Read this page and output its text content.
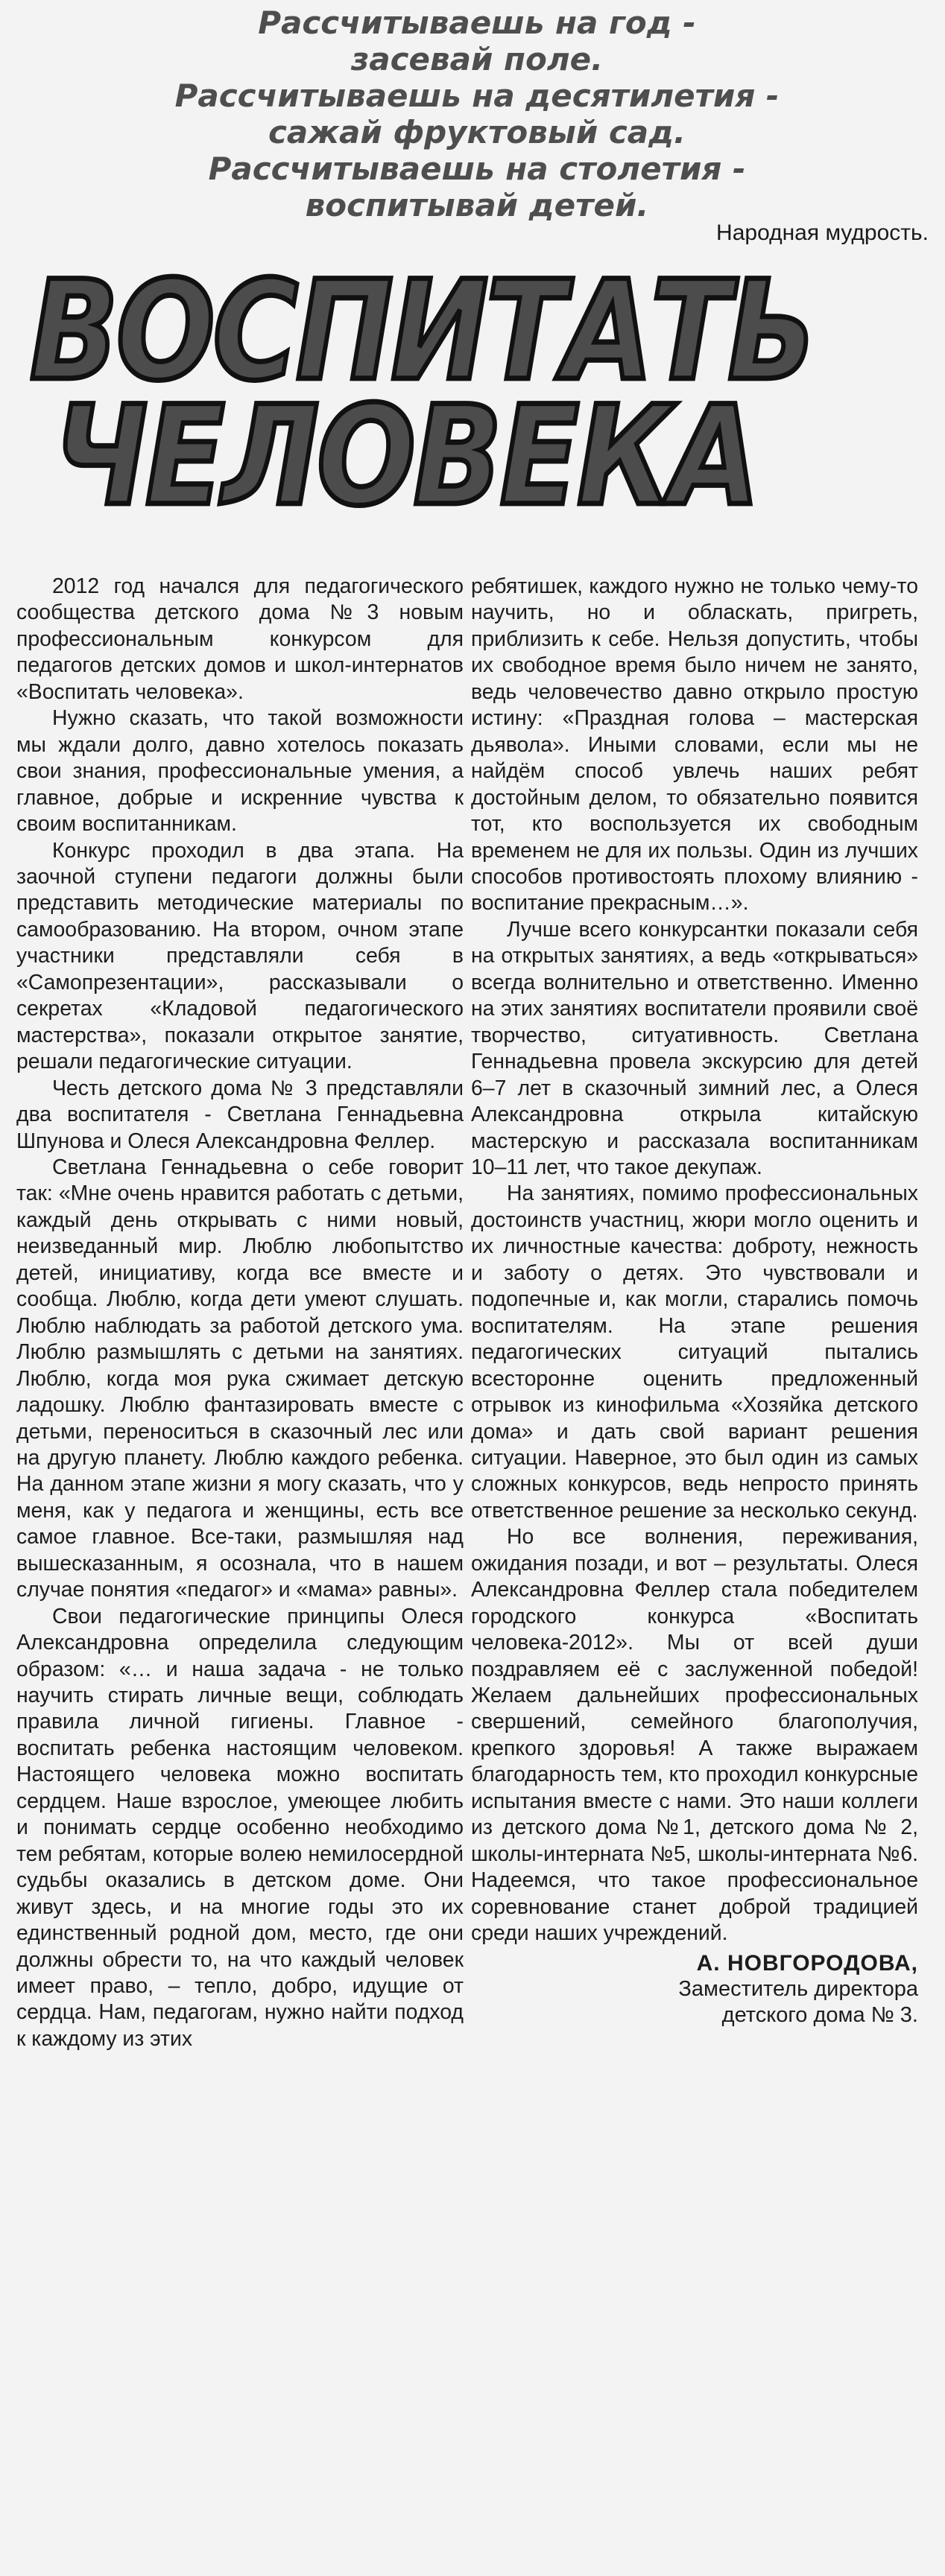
Рассчитываешь на год -
засевай поле.
Рассчитываешь на десятилетия -
сажай фруктовый сад.
Рассчитываешь на столетия -
воспитывай детей.
Народная мудрость.
ВОСПИТАТЬ
ЧЕЛОВЕКА

2012 год начался для педагогического сообщества детского дома №3 новым профессиональным конкурсом для педагогов детских домов и школ-интернатов «Воспитать человека».

Нужно сказать, что такой возможности мы ждали долго, давно хотелось показать свои знания, профессиональные умения, а главное, добрые и искренние чувства к своим воспитанникам.

Конкурс проходил в два этапа. На заочной ступени педагоги должны были представить методические материалы по самообразованию. На втором, очном этапе участники представляли себя в «Самопрезентации», рассказывали о секретах «Кладовой педагогического мастерства», показали открытое занятие, решали педагогические ситуации.

Честь детского дома № 3 представляли два воспитателя - Светлана Геннадьевна Шпунова и Олеся Александровна Феллер.

Светлана Геннадьевна о себе говорит так: «Мне очень нравится работать с детьми, каждый день открывать с ними новый, неизведанный мир. Люблю любопытство детей, инициативу, когда все вместе и сообща. Люблю, когда дети умеют слушать. Люблю наблюдать за работой детского ума. Люблю размышлять с детьми на занятиях. Люблю, когда моя рука сжимает детскую ладошку. Люблю фантазировать вместе с детьми, переноситься в сказочный лес или на другую планету. Люблю каждого ребенка. На данном этапе жизни я могу сказать, что у меня, как у педагога и женщины, есть все самое главное. Все-таки, размышляя над вышесказанным, я осознала, что в нашем случае понятия «педагог» и «мама» равны».

Свои педагогические принципы Олеся Александровна определила следующим образом: «… и наша задача - не только научить стирать личные вещи, соблюдать правила личной гигиены. Главное - воспитать ребенка настоящим человеком. Настоящего человека можно воспитать сердцем. Наше взрослое, умеющее любить и понимать сердце особенно необходимо тем ребятам, которые волею немилосердной судьбы оказались в детском доме. Они живут здесь, и на многие годы это их единственный родной дом, место, где они должны обрести то, на что каждый человек имеет право, – тепло, добро, идущие от сердца. Нам, педагогам, нужно найти подход к каждому из этих

ребятишек, каждого нужно не только чему-то научить, но и обласкать, пригреть, приблизить к себе. Нельзя допустить, чтобы их свободное время было ничем не занято, ведь человечество давно открыло простую истину: «Праздная голова – мастерская дьявола». Иными словами, если мы не найдём способ увлечь наших ребят достойным делом, то обязательно появится тот, кто воспользуется их свободным временем не для их пользы. Один из лучших способов противостоять плохому влиянию - воспитание прекрасным…».

Лучше всего конкурсантки показали себя на открытых занятиях, а ведь «открываться» всегда волнительно и ответственно. Именно на этих занятиях воспитатели проявили своё творчество, ситуативность. Светлана Геннадьевна провела экскурсию для детей 6–7 лет в сказочный зимний лес, а Олеся Александровна открыла китайскую мастерскую и рассказала воспитанникам 10–11 лет, что такое декупаж.

На занятиях, помимо профессиональных достоинств участниц, жюри могло оценить и их личностные качества: доброту, нежность и заботу о детях. Это чувствовали и подопечные и, как могли, старались помочь воспитателям. На этапе решения педагогических ситуаций пытались всесторонне оценить предложенный отрывок из кинофильма «Хозяйка детского дома» и дать свой вариант решения ситуации. Наверное, это был один из самых сложных конкурсов, ведь непросто принять ответственное решение за несколько секунд.

Но все волнения, переживания, ожидания позади, и вот – результаты. Олеся Александровна Феллер стала победителем городского конкурса «Воспитать человека-2012». Мы от всей души поздравляем её с заслуженной победой! Желаем дальнейших профессиональных свершений, семейного благополучия, крепкого здоровья! А также выражаем благодарность тем, кто проходил конкурсные испытания вместе с нами. Это наши коллеги из детского дома №1, детского дома № 2, школы-интерната №5, школы-интерната №6. Надеемся, что такое профессиональное соревнование станет доброй традицией среди наших учреждений.

А. НОВГОРОДОВА,

Заместитель директора детского дома № 3.
